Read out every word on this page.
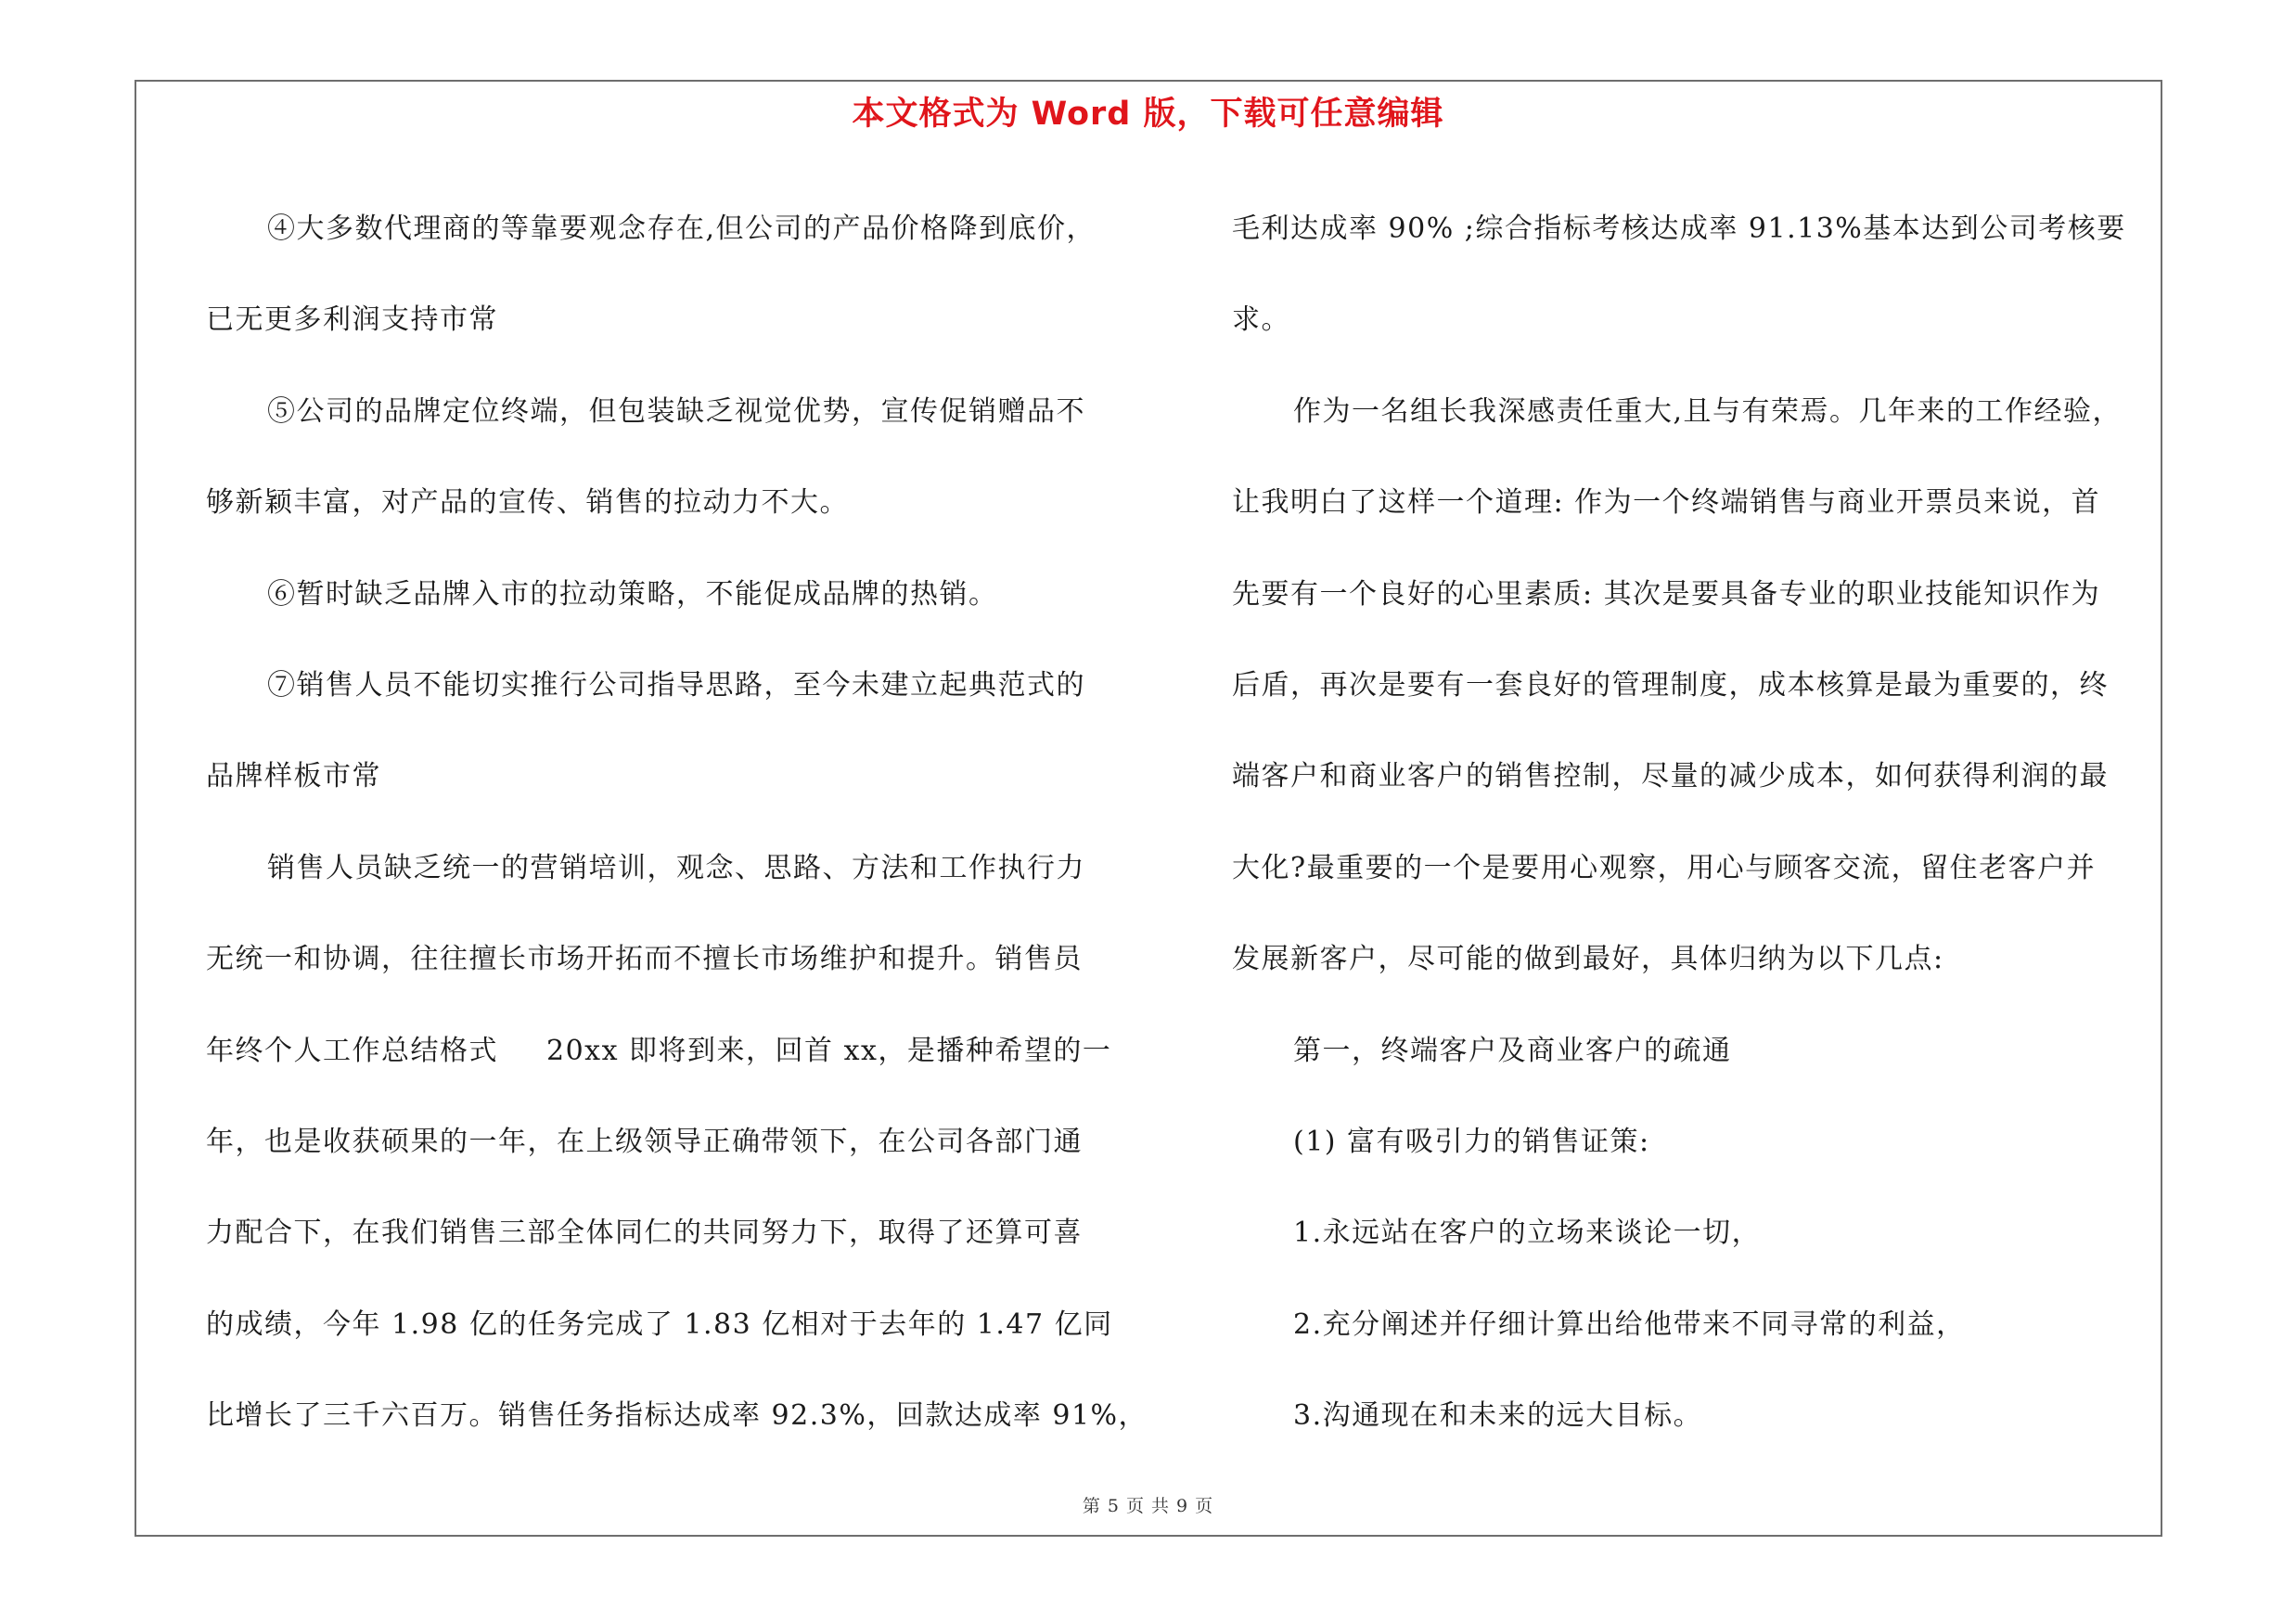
本文格式为 Word 版，下载可任意编辑
④大多数代理商的等靠要观念存在,但公司的产品价格降到底价，
已无更多利润支持市常
⑤公司的品牌定位终端，但包装缺乏视觉优势，宣传促销赠品不
够新颖丰富，对产品的宣传、销售的拉动力不大。
⑥暂时缺乏品牌入市的拉动策略，不能促成品牌的热销。
⑦销售人员不能切实推行公司指导思路，至今未建立起典范式的
品牌样板市常
销售人员缺乏统一的营销培训，观念、思路、方法和工作执行力
无统一和协调，往往擅长市场开拓而不擅长市场维护和提升。销售员
年终个人工作总结格式 20xx 即将到来，回首 xx，是播种希望的一
年，也是收获硕果的一年，在上级领导正确带领下，在公司各部门通
力配合下，在我们销售三部全体同仁的共同努力下，取得了还算可喜
的成绩，今年 1.98 亿的任务完成了 1.83 亿相对于去年的 1.47 亿同
比增长了三千六百万。销售任务指标达成率 92.3%，回款达成率 91%，
毛利达成率 90% ;综合指标考核达成率 91.13%基本达到公司考核要
求。
作为一名组长我深感责任重大,且与有荣焉。几年来的工作经验，
让我明白了这样一个道理: 作为一个终端销售与商业开票员来说，首
先要有一个良好的心里素质: 其次是要具备专业的职业技能知识作为
后盾，再次是要有一套良好的管理制度，成本核算是最为重要的，终
端客户和商业客户的销售控制，尽量的减少成本，如何获得利润的最
大化?最重要的一个是要用心观察，用心与顾客交流，留住老客户并
发展新客户，尽可能的做到最好，具体归纳为以下几点:
第一，终端客户及商业客户的疏通
(1) 富有吸引力的销售证策:
1.永远站在客户的立场来谈论一切，
2.充分阐述并仔细计算出给他带来不同寻常的利益，
3.沟通现在和未来的远大目标。
第 5 页 共 9 页
